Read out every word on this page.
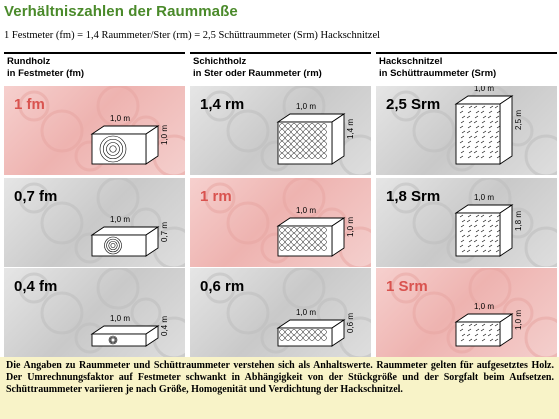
Verhältniszahlen der Raummaße
1 Festmeter (fm) = 1,4 Raummeter/Ster (rm) = 2,5 Schüttraummeter (Srm) Hackschnitzel
Rundholz
in Festmeter (fm)
Schichtholz
in Ster oder Raummeter (rm)
Hackschnitzel
in Schüttraummeter (Srm)
1 fm
1,0 m
1,0 m
1,4 rm	1,0 m
1,4 m
2,5 Srm
1,0 m
2,5 m
0,7 fm
1,0 m
0,7 m
1 rm
1,0 m
1,0 m
1,8 Srm	1,0 m
1,8 m
0,4 fm
1,0 m	0,4 m
0,6 rm
1,0 m
0,6 m
1 Srm
1,0 m
1,0 m

Die Angaben zu Raummeter und Schüttraummeter verstehen sich als Anhaltswerte. Raummeter gelten für aufgesetztes Holz. Der Umrechnungsfaktor auf Festmeter schwankt in Abhängigkeit von der Stückgröße und der Sorgfalt beim Aufsetzen. Schüttraummeter variieren je nach Größe, Homogenität und Verdichtung der Hackschnitzel.
